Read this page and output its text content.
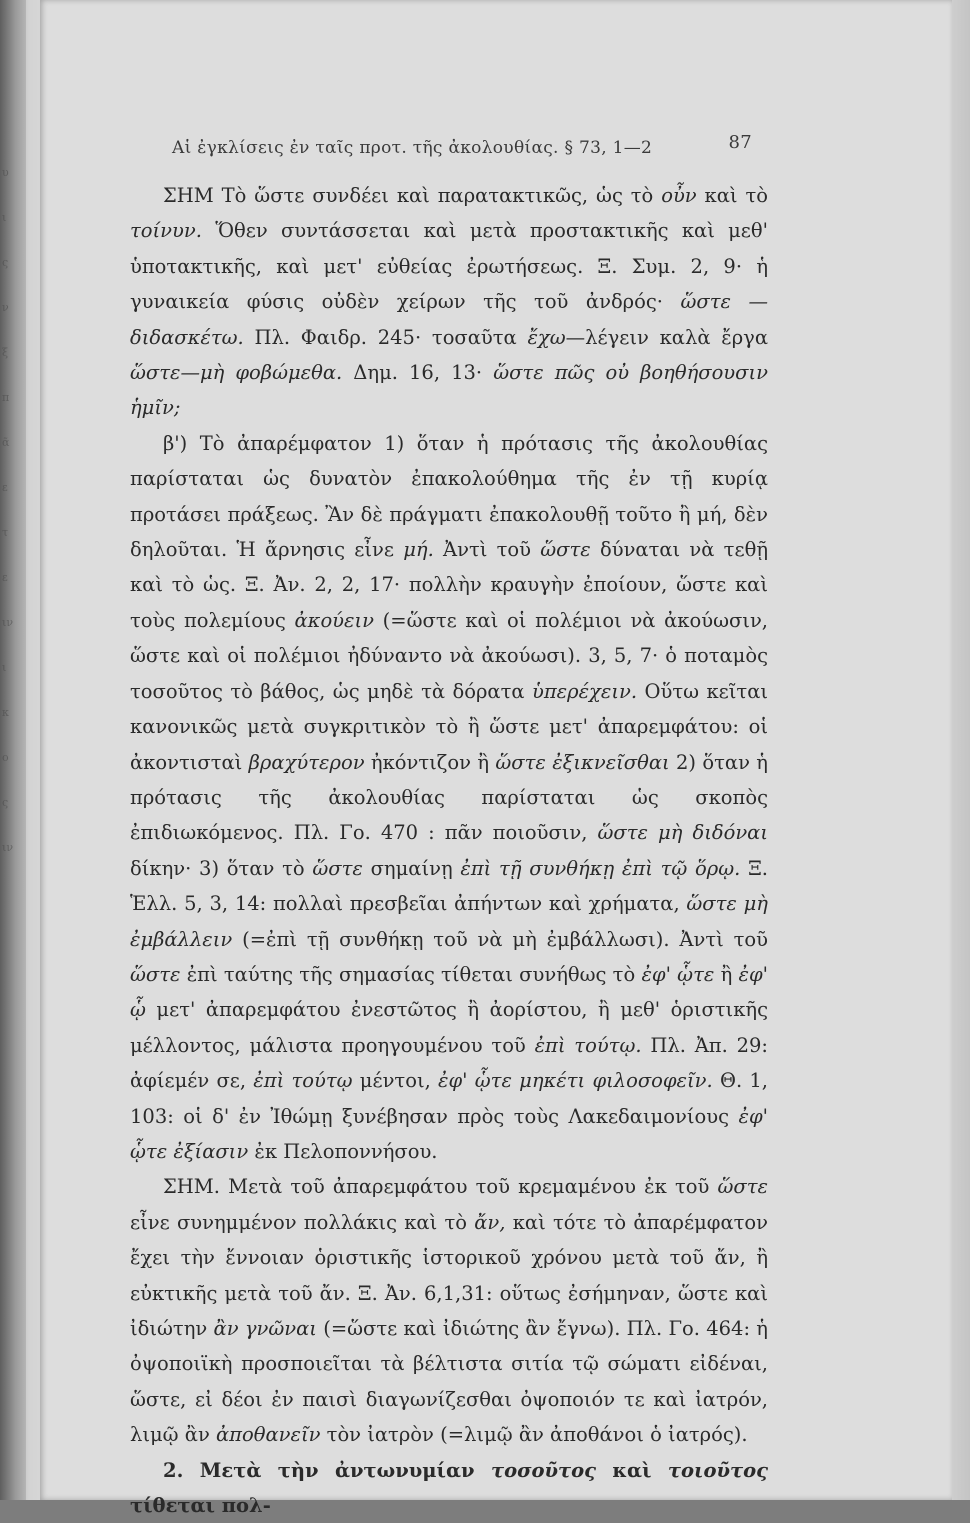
υ
ι
ς
ν
ξ
π
ᾶ
ε
τ
ε
ιν
ι
κ
ο
ς
ιν
Αἱ ἐγκλίσεις ἐν ταῖς προτ. τῆς ἀκολουθίας. § 73, 1—2	87

ΣΗΜ Τὸ ὥστε συνδέει καὶ παρατακτικῶς, ὡς τὸ οὖν καὶ τὸ τοίνυν. Ὅθεν συντάσσεται καὶ μετὰ προστακτικῆς καὶ μεθ' ὑποτακτικῆς, καὶ μετ' εὐθείας ἐρωτήσεως. Ξ. Συμ. 2, 9· ἡ γυναικεία φύσις οὐδὲν χείρων τῆς τοῦ ἀνδρός· ὥστε — διδασκέτω. Πλ. Φαιδρ. 245· τοσαῦτα ἔχω—λέγειν καλὰ ἔργα ὥστε—μὴ φοβώμεθα. Δημ. 16, 13· ὥστε πῶς οὐ βοηθήσουσιν ἡμῖν;

β') Τὸ ἀπαρέμφατον 1) ὅταν ἡ πρότασις τῆς ἀκολουθίας παρίσταται ὡς δυνατὸν ἐπακολούθημα τῆς ἐν τῇ κυρίᾳ προτάσει πράξεως. Ἂν δὲ πράγματι ἐπακολουθῇ τοῦτο ἢ μή, δὲν δηλοῦται. Ἡ ἄρνησις εἶνε μή. Ἀντὶ τοῦ ὥστε δύναται νὰ τεθῇ καὶ τὸ ὡς. Ξ. Ἀν. 2, 2, 17· πολλὴν κραυγὴν ἐποίουν, ὥστε καὶ τοὺς πολεμίους ἀκούειν (=ὥστε καὶ οἱ πολέμιοι νὰ ἀκούωσιν, ὥστε καὶ οἱ πολέμιοι ἠδύναντο νὰ ἀκούωσι). 3, 5, 7· ὁ ποταμὸς τοσοῦτος τὸ βάθος, ὡς μηδὲ τὰ δόρατα ὑπερέχειν. Οὕτω κεῖται κανονικῶς μετὰ συγκριτικὸν τὸ ἢ ὥστε μετ' ἀπαρεμφάτου: οἱ ἀκοντισταὶ βραχύτερον ἠκόντιζον ἢ ὥστε ἐξικνεῖσθαι 2) ὅταν ἡ πρότασις τῆς ἀκολουθίας παρίσταται ὡς σκοπὸς ἐπιδιωκόμενος. Πλ. Γο. 470 : πᾶν ποιοῦσιν, ὥστε μὴ διδόναι δίκην· 3) ὅταν τὸ ὥστε σημαίνῃ ἐπὶ τῇ συνθήκῃ ἐπὶ τῷ ὅρῳ. Ξ. Ἑλλ. 5, 3, 14: πολλαὶ πρεσβεῖαι ἀπήντων καὶ χρήματα, ὥστε μὴ ἐμβάλλειν (=ἐπὶ τῇ συνθήκῃ τοῦ νὰ μὴ ἐμβάλλωσι). Ἀντὶ τοῦ ὥστε ἐπὶ ταύτης τῆς σημασίας τίθεται συνήθως τὸ ἐφ' ᾧτε ἢ ἐφ' ᾧ μετ' ἀπαρεμφάτου ἐνεστῶτος ἢ ἀορίστου, ἢ μεθ' ὁριστικῆς μέλλοντος, μάλιστα προηγουμένου τοῦ ἐπὶ τούτῳ. Πλ. Ἀπ. 29: ἀφίεμέν σε, ἐπὶ τούτῳ μέντοι, ἐφ' ᾧτε μηκέτι φιλοσοφεῖν. Θ. 1, 103: οἱ δ' ἐν Ἰθώμῃ ξυνέβησαν πρὸς τοὺς Λακεδαιμονίους ἐφ' ᾧτε ἐξίασιν ἐκ Πελοποννήσου.

ΣΗΜ. Μετὰ τοῦ ἀπαρεμφάτου τοῦ κρεμαμένου ἐκ τοῦ ὥστε εἶνε συνημμένον πολλάκις καὶ τὸ ἄν, καὶ τότε τὸ ἀπαρέμφατον ἔχει τὴν ἔννοιαν ὁριστικῆς ἱστορικοῦ χρόνου μετὰ τοῦ ἄν, ἢ εὐκτικῆς μετὰ τοῦ ἄν. Ξ. Ἀν. 6,1,31: οὕτως ἐσήμηναν, ὥστε καὶ ἰδιώτην ἂν γνῶναι (=ὥστε καὶ ἰδιώτης ἂν ἔγνω). Πλ. Γο. 464: ἡ ὀψοποιϊκὴ προσποιεῖται τὰ βέλτιστα σιτία τῷ σώματι εἰδέναι, ὥστε, εἰ δέοι ἐν παισὶ διαγωνίζεσθαι ὀψοποιόν τε καὶ ἰατρόν, λιμῷ ἂν ἀποθανεῖν τὸν ἰατρὸν (=λιμῷ ἂν ἀποθάνοι ὁ ἰατρός).

2. Μετὰ τὴν ἀντωνυμίαν τοσοῦτος καὶ τοιοῦτος τίθεται πολ-
